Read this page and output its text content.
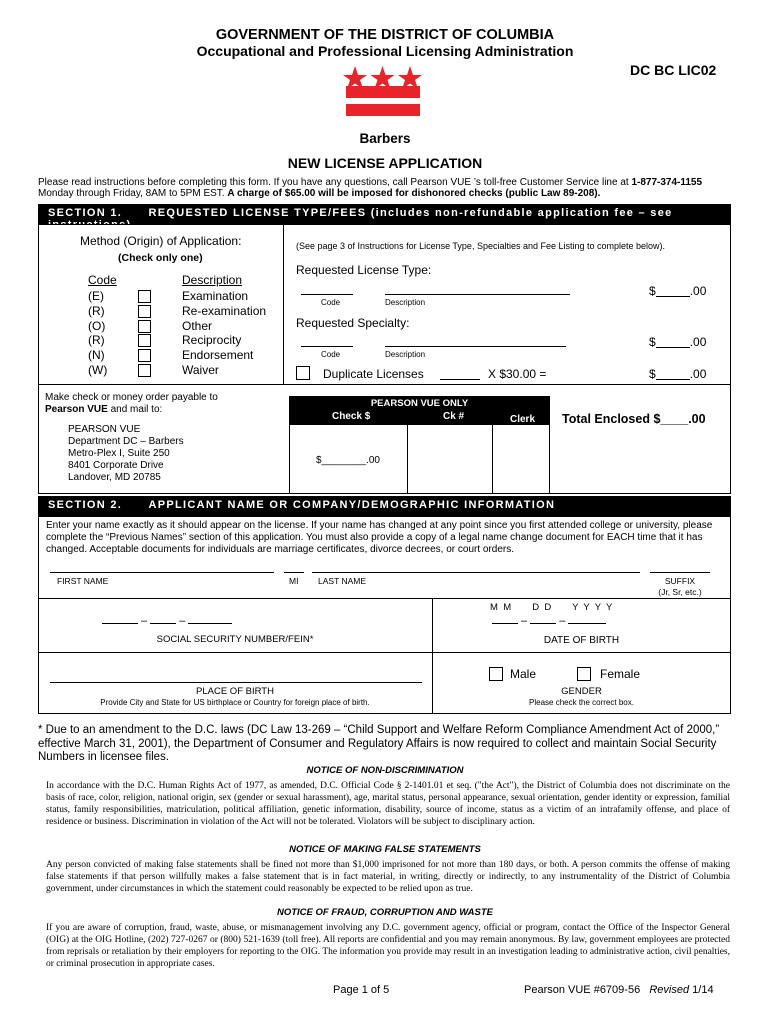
GOVERNMENT OF THE DISTRICT OF COLUMBIA
Occupational and Professional Licensing Administration
DC BC LIC02
Barbers
NEW LICENSE APPLICATION
Please read instructions before completing this form. If you have any questions, call Pearson VUE ’s toll-free Customer Service line at 1-877-374-1155
Monday through Friday, 8AM to 5PM EST. A charge of $65.00 will be imposed for dishonored checks (public Law 89-208).
SECTION 1. REQUESTED LICENSE TYPE/FEES (includes non-refundable application fee – see instructions)
Method (Origin) of Application:
(Check only one)
Code	Description
(E)	Examination
(R)	Re-examination
(O)	Other
(R)	Reciprocity
(N)	Endorsement
(W)	Waiver
(See page 3 of Instructions for License Type, Specialties and Fee Listing to complete below).
Requested License Type:
Code	Description
$	.00
Requested Specialty:
Code	Description
$	.00
Duplicate Licenses	X $30.00 =	$	.00
Make check or money order payable to
Pearson VUE and mail to:
PEARSON VUE
Department DC – Barbers
Metro-Plex I, Suite 250
8401 Corporate Drive
Landover, MD 20785
PEARSON VUE ONLY
Check $	Ck #	Clerk
$________.00
Total Enclosed $____.00
SECTION 2. APPLICANT NAME OR COMPANY/DEMOGRAPHIC INFORMATION
Enter your name exactly as it should appear on the license. If your name has changed at any point since you first attended college or university, please complete the “Previous Names” section of this application. You must also provide a copy of a legal name change document for EACH time that it has changed. Acceptable documents for individuals are marriage certificates, divorce decrees, or court orders.
FIRST NAME	MI LAST NAME	SUFFIX
(Jr, Sr, etc.)
–  –
SOCIAL SECURITY NUMBER/FEIN*
M  M        D  D        Y  Y  Y  Y
–  –
DATE OF BIRTH
PLACE OF BIRTH
Provide City and State for US birthplace or Country for foreign place of birth.
Male	Female
GENDER
Please check the correct box.
* Due to an amendment to the D.C. laws (DC Law 13-269 – “Child Support and Welfare Reform Compliance Amendment Act of 2000,” effective March 31, 2001), the Department of Consumer and Regulatory Affairs is now required to collect and maintain Social Security Numbers in licensee files.
NOTICE OF NON-DISCRIMINATION
In accordance with the D.C. Human Rights Act of 1977, as amended, D.C. Official Code § 2-1401.01 et seq. ("the Act"), the District of Columbia does not discriminate on the basis of race, color, religion, national origin, sex (gender or sexual harassment), age, marital status, personal appearance, sexual orientation, gender identity or expression, familial status, family responsibilities, matriculation, political affiliation, genetic information, disability, source of income, status as a victim of an intrafamily offense, and place of residence or business. Discrimination in violation of the Act will not be tolerated. Violators will be subject to disciplinary action.
NOTICE OF MAKING FALSE STATEMENTS
Any person convicted of making false statements shall be fined not more than $1,000 imprisoned for not more than 180 days, or both. A person commits the offense of making false statements if that person willfully makes a false statement that is in fact material, in writing, directly or indirectly, to any instrumentality of the District of Columbia government, under circumstances in which the statement could reasonably be expected to be relied upon as true.
NOTICE OF FRAUD, CORRUPTION AND WASTE
If you are aware of corruption, fraud, waste, abuse, or mismanagement involving any D.C. government agency, official or program, contact the Office of the Inspector General (OIG) at the OIG Hotline, (202) 727-0267 or (800) 521-1639 (toll free). All reports are confidential and you may remain anonymous. By law, government employees are protected from reprisals or retaliation by their employers for reporting to the OIG. The information you provide may result in an investigation leading to administrative action, civil penalties, or criminal prosecution in appropriate cases.
Page 1 of 5	Pearson VUE #6709-56 Revised 1/14
